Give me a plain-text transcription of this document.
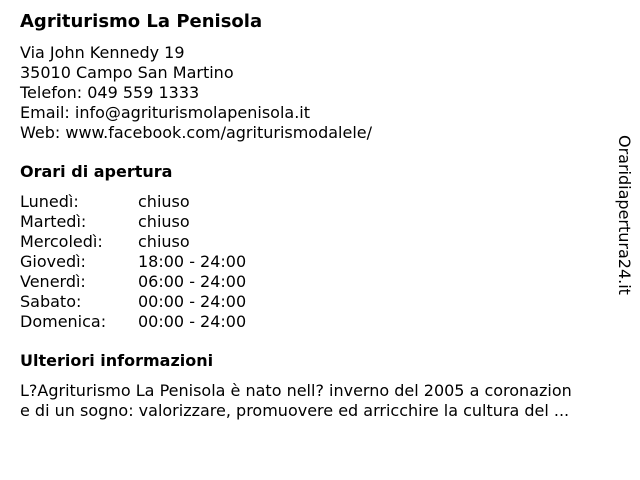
Agriturismo La Penisola
Via John Kennedy 19
35010 Campo San Martino
Telefon: 049 559 1333
Email: info@agriturismolapenisola.it
Web: www.facebook.com/agriturismodalele/
Orari di apertura
Lunedì:	chiuso
Martedì:	chiuso
Mercoledì:	chiuso
Giovedì:	18:00 - 24:00
Venerdì:	06:00 - 24:00
Sabato:	00:00 - 24:00
Domenica:	00:00 - 24:00
Ulteriori informazioni
L?Agriturismo La Penisola è nato nell? inverno del 2005 a coronazion
e di un sogno: valorizzare, promuovere ed arricchire la cultura del ...
Oraridiapertura24.it
